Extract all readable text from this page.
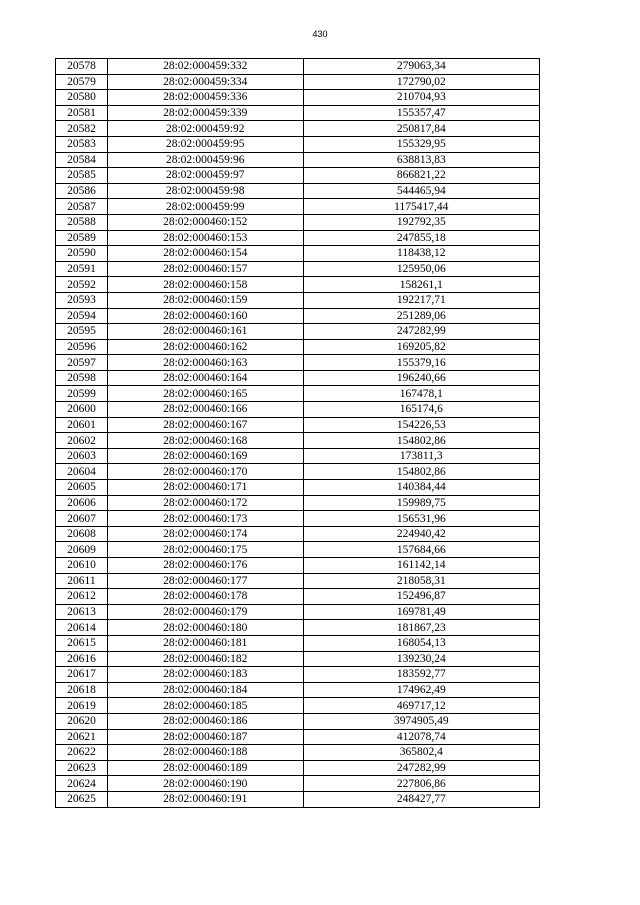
430
20578	28:02:000459:332	279063,34
20579	28:02:000459:334	172790,02
20580	28:02:000459:336	210704,93
20581	28:02:000459:339	155357,47
20582	28:02:000459:92	250817,84
20583	28:02:000459:95	155329,95
20584	28:02:000459:96	638813,83
20585	28:02:000459:97	866821,22
20586	28:02:000459:98	544465,94
20587	28:02:000459:99	1175417,44
20588	28:02:000460:152	192792,35
20589	28:02:000460:153	247855,18
20590	28:02:000460:154	118438,12
20591	28:02:000460:157	125950,06
20592	28:02:000460:158	158261,1
20593	28:02:000460:159	192217,71
20594	28:02:000460:160	251289,06
20595	28:02:000460:161	247282,99
20596	28:02:000460:162	169205,82
20597	28:02:000460:163	155379,16
20598	28:02:000460:164	196240,66
20599	28:02:000460:165	167478,1
20600	28:02:000460:166	165174,6
20601	28:02:000460:167	154226,53
20602	28:02:000460:168	154802,86
20603	28:02:000460:169	173811,3
20604	28:02:000460:170	154802,86
20605	28:02:000460:171	140384,44
20606	28:02:000460:172	159989,75
20607	28:02:000460:173	156531,96
20608	28:02:000460:174	224940,42
20609	28:02:000460:175	157684,66
20610	28:02:000460:176	161142,14
20611	28:02:000460:177	218058,31
20612	28:02:000460:178	152496,87
20613	28:02:000460:179	169781,49
20614	28:02:000460:180	181867,23
20615	28:02:000460:181	168054,13
20616	28:02:000460:182	139230,24
20617	28:02:000460:183	183592,77
20618	28:02:000460:184	174962,49
20619	28:02:000460:185	469717,12
20620	28:02:000460:186	3974905,49
20621	28:02:000460:187	412078,74
20622	28:02:000460:188	365802,4
20623	28:02:000460:189	247282,99
20624	28:02:000460:190	227806,86
20625	28:02:000460:191	248427,77
